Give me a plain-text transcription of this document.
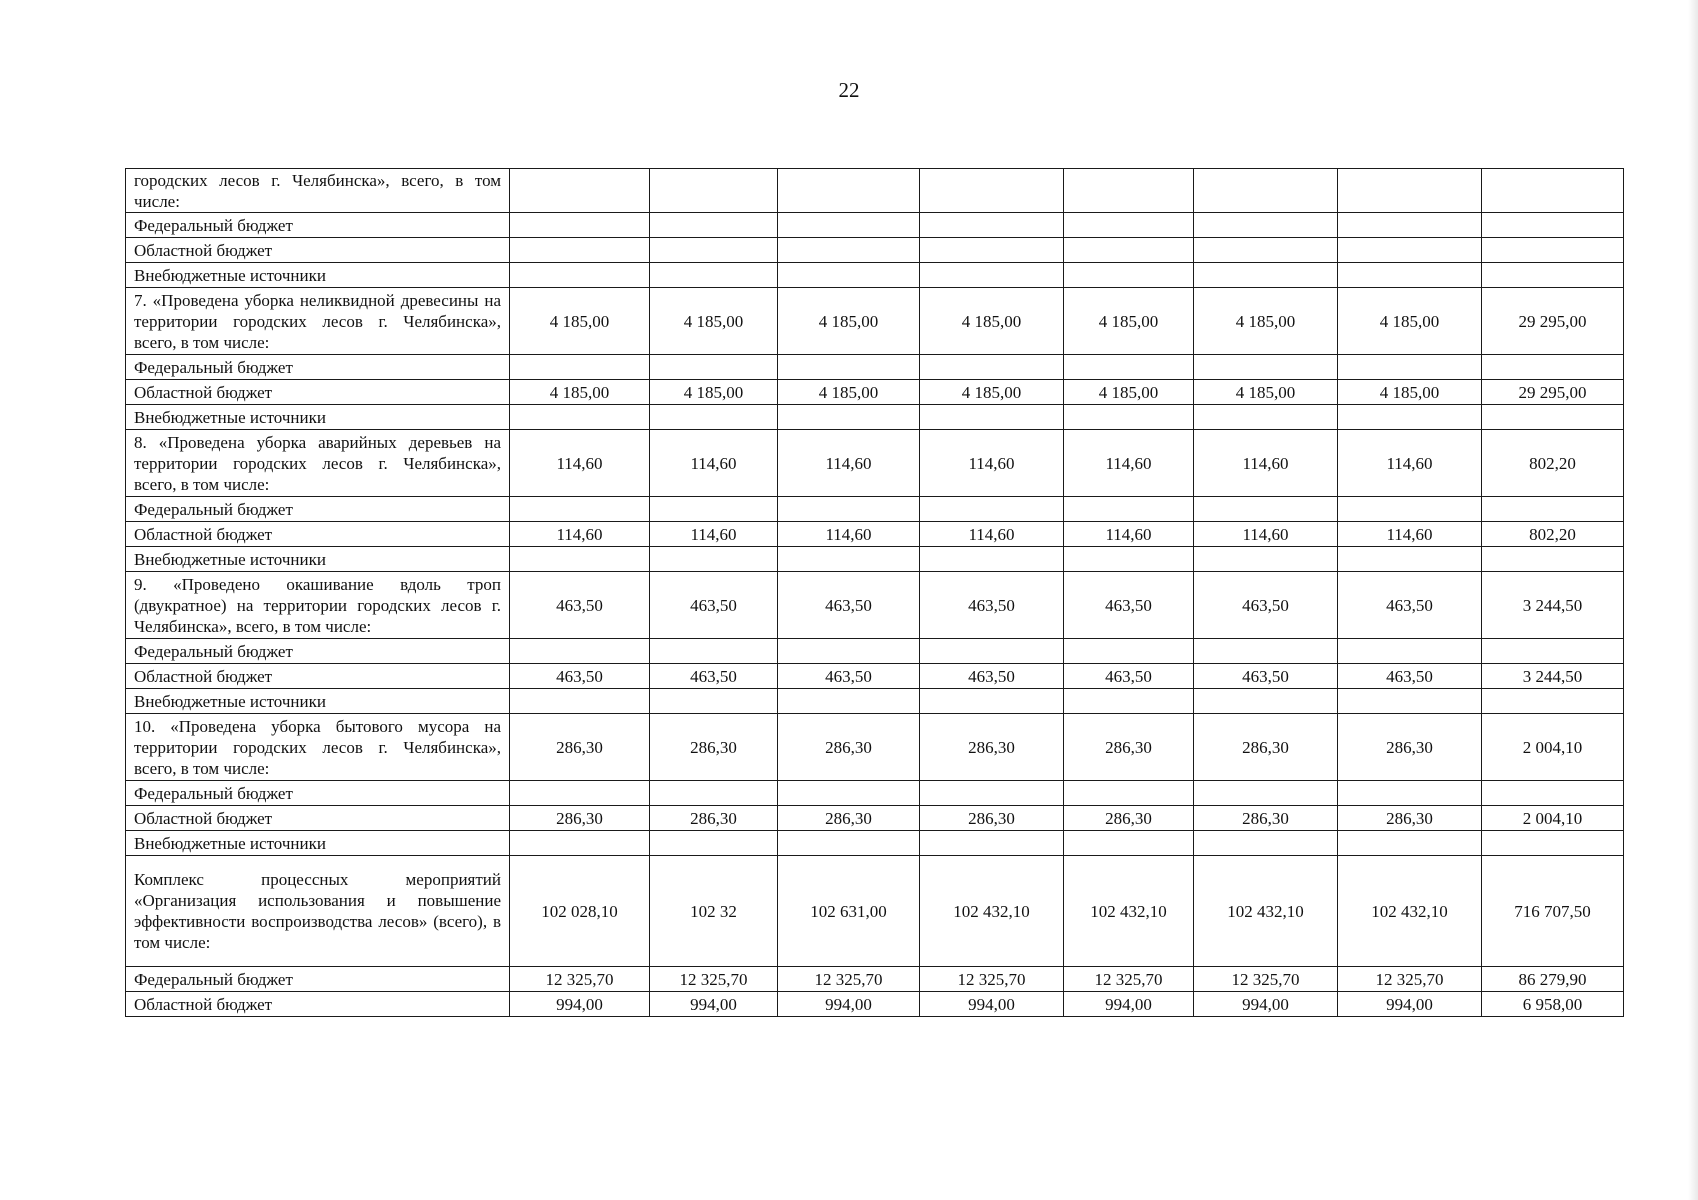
22
городских лесов г. Челябинска», всего, в том числе:								
Федеральный бюджет								
Областной бюджет								
Внебюджетные источники								
7. «Проведена уборка неликвидной древесины на территории городских лесов г. Челябинска», всего, в том числе:	4 185,00	4 185,00	4 185,00	4 185,00	4 185,00	4 185,00	4 185,00	29 295,00
Федеральный бюджет								
Областной бюджет	4 185,00	4 185,00	4 185,00	4 185,00	4 185,00	4 185,00	4 185,00	29 295,00
Внебюджетные источники								
8. «Проведена уборка аварийных деревьев на территории городских лесов г. Челябинска», всего, в том числе:	114,60	114,60	114,60	114,60	114,60	114,60	114,60	802,20
Федеральный бюджет								
Областной бюджет	114,60	114,60	114,60	114,60	114,60	114,60	114,60	802,20
Внебюджетные источники								
9. «Проведено окашивание вдоль троп (двукратное) на территории городских лесов г. Челябинска», всего, в том числе:	463,50	463,50	463,50	463,50	463,50	463,50	463,50	3 244,50
Федеральный бюджет								
Областной бюджет	463,50	463,50	463,50	463,50	463,50	463,50	463,50	3 244,50
Внебюджетные источники								
10. «Проведена уборка бытового мусора на территории городских лесов г. Челябинска», всего, в том числе:	286,30	286,30	286,30	286,30	286,30	286,30	286,30	2 004,10
Федеральный бюджет								
Областной бюджет	286,30	286,30	286,30	286,30	286,30	286,30	286,30	2 004,10
Внебюджетные источники								
Комплекс процессных мероприятий «Организация использования и повышение эффективности воспроизводства лесов» (всего), в том числе:	102 028,10	102 32	102 631,00	102 432,10	102 432,10	102 432,10	102 432,10	716 707,50
Федеральный бюджет	12 325,70	12 325,70	12 325,70	12 325,70	12 325,70	12 325,70	12 325,70	86 279,90
Областной бюджет	994,00	994,00	994,00	994,00	994,00	994,00	994,00	6 958,00
